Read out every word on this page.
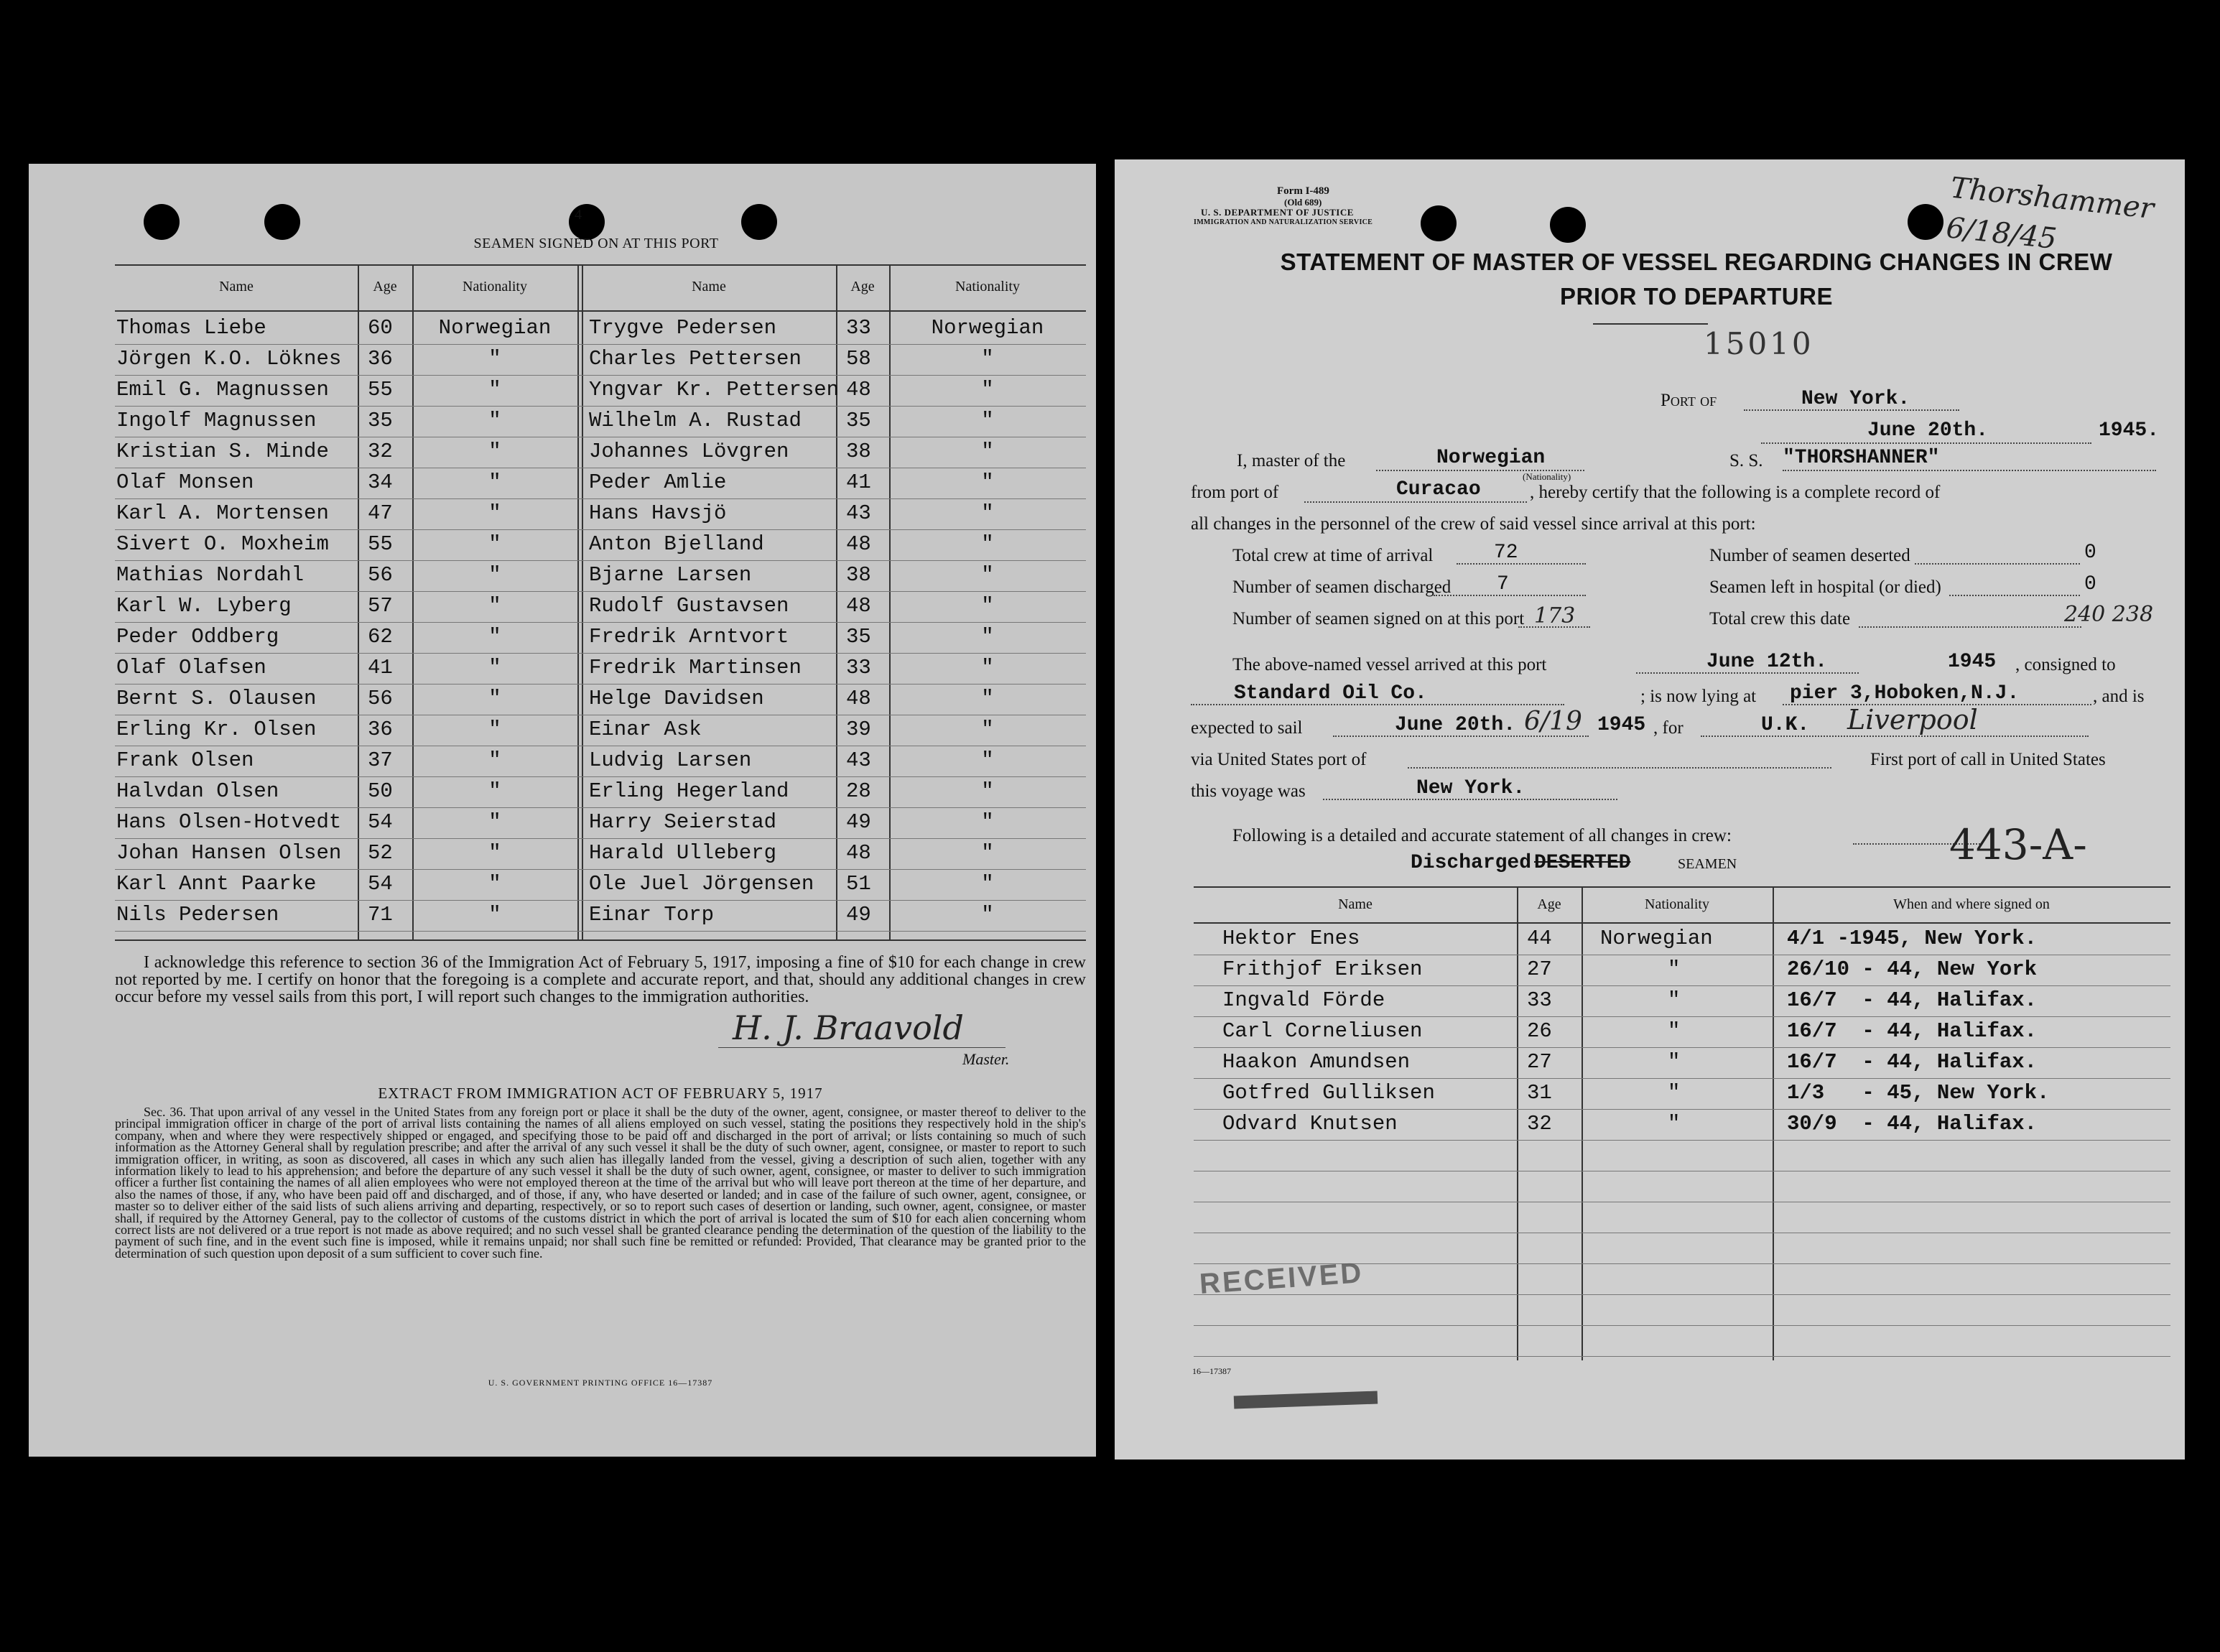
4
SEAMEN SIGNED ON AT THIS PORT
Name	Age	Nationality	Name	Age	Nationality
Thomas Liebe	60	Norwegian	Trygve Pedersen	33	Norwegian
Jörgen K.O. Löknes 36	"	Charles Pettersen 58	"
Emil G. Magnussen 55	"	Yngvar Kr. Pettersen 48	"
Ingolf Magnussen 35	"	Wilhelm A. Rustad 35	"
Kristian S. Minde 32	"	Johannes Lövgren	38	"
Olaf Monsen	34	"	Peder Amlie	41	"
Karl A. Mortensen 47	"	Hans Havsjö	43	"
Sivert O. Moxheim 55	"	Anton Bjelland	48	"
Mathias Nordahl	56	"	Bjarne Larsen	38	"
Karl W. Lyberg	57	"	Rudolf Gustavsen	48	"
Peder Oddberg	62	"	Fredrik Arntvort	35	"
Olaf Olafsen	41	"	Fredrik Martinsen 33	"
Bernt S. Olausen 56	"	Helge Davidsen	48	"
Erling Kr. Olsen 36	"	Einar Ask	39	"
Frank Olsen	37	"	Ludvig Larsen	43	"
Halvdan Olsen	50	"	Erling Hegerland	28	"
Hans Olsen-Hotvedt 54	"	Harry Seierstad	49	"
Johan Hansen Olsen 52	"	Harald Ulleberg	48	"
Karl Annt Paarke 54	"	Ole Juel Jörgensen 51	"
Nils Pedersen	71	"	Einar Torp	49	"
I acknowledge this reference to section 36 of the Immigration Act of February 5, 1917, imposing a fine of $10 for each change in crew not reported by me. I certify on honor that the foregoing is a complete and accurate report, and that, should any additional changes in crew occur before my vessel sails from this port, I will report such changes to the immigration authorities.
H. J. Braavold
Master.
EXTRACT FROM IMMIGRATION ACT OF FEBRUARY 5, 1917
Sec. 36. That upon arrival of any vessel in the United States from any foreign port or place it shall be the duty of the owner, agent, consignee, or master thereof to deliver to the principal immigration officer in charge of the port of arrival lists containing the names of all aliens employed on such vessel, stating the positions they respectively hold in the ship's company, when and where they were respectively shipped or engaged, and specifying those to be paid off and discharged in the port of arrival; or lists containing so much of such information as the Attorney General shall by regulation prescribe; and after the arrival of any such vessel it shall be the duty of such owner, agent, consignee, or master to report to such immigration officer, in writing, as soon as discovered, all cases in which any such alien has illegally landed from the vessel, giving a description of such alien, together with any information likely to lead to his apprehension; and before the departure of any such vessel it shall be the duty of such owner, agent, consignee, or master to deliver to such immigration officer a further list containing the names of all alien employees who were not employed thereon at the time of the arrival but who will leave port thereon at the time of her departure, and also the names of those, if any, who have been paid off and discharged, and of those, if any, who have deserted or landed; and in case of the failure of such owner, agent, consignee, or master so to deliver either of the said lists of such aliens arriving and departing, respectively, or so to report such cases of desertion or landing, such owner, agent, consignee, or master shall, if required by the Attorney General, pay to the collector of customs of the customs district in which the port of arrival is located the sum of $10 for each alien concerning whom correct lists are not delivered or a true report is not made as above required; and no such vessel shall be granted clearance pending the determination of the question of the liability to the payment of such fine, and in the event such fine is imposed, while it remains unpaid; nor shall such fine be remitted or refunded: Provided, That clearance may be granted prior to the determination of such question upon deposit of a sum sufficient to cover such fine.
U. S. GOVERNMENT PRINTING OFFICE 16—17387
Form I-489
(Old 689)
U. S. DEPARTMENT OF JUSTICE
IMMIGRATION AND NATURALIZATION SERVICE	Thorshammer 6/18/45
STATEMENT OF MASTER OF VESSEL REGARDING CHANGES IN CREW
PRIOR TO DEPARTURE
15010
Port of	New York.
June 20th.	1945.
I, master of the	Norwegian
(Nationality)
S. S. "THORSHANNER"
from port of	Curacao	, hereby certify that the following is a complete record of
all changes in the personnel of the crew of said vessel since arrival at this port:
Total crew at time of arrival	72	Number of seamen deserted	0
Number of seamen discharged 7	Seamen left in hospital (or died)	0
Number of seamen signed on at this port 173	Total crew this date	240 238
The above-named vessel arrived at this port	June 12th.	1945 , consigned to
Standard Oil Co.	; is now lying at pier 3,Hoboken,N.J.	, and is
expected to sail	June 20th. 6/19 1945 , for	U.K. Liverpool
via United States port of	First port of call in United States
this voyage was	New York.
Following is a detailed and accurate statement of all changes in crew:
Discharged DESERTED	SEAMEN	443-A-
Name	Age	Nationality	When and where signed on
Hektor Enes	44 Norwegian	4/1 -1945, New York.
Frithjof Eriksen	27	"	26/10 - 44, New York
Ingvald Förde	33	"	16/7  - 44, Halifax.
Carl Corneliusen	26	"	16/7  - 44, Halifax.
Haakon Amundsen	27	"	16/7  - 44, Halifax.
Gotfred Gulliksen	31	"	1/3   - 45, New York.
Odvard Knutsen	32	"	30/9  - 44, Halifax.
RECEIVED
16—17387
